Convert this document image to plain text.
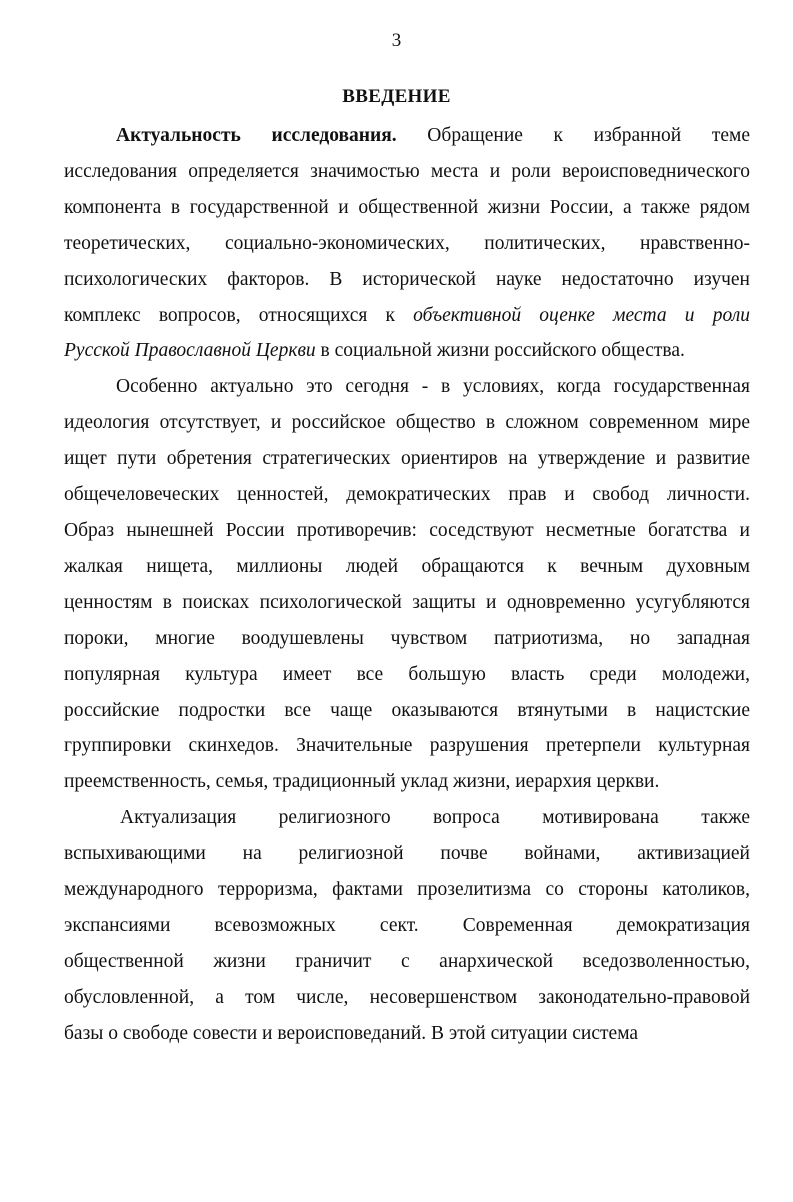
3
ВВЕДЕНИЕ
Актуальность исследования. Обращение к избранной теме
исследования определяется значимостью места и роли вероисповеднического
компонента в государственной и общественной жизни России, а также рядом
теоретических, социально-экономических, политических, нравственно-
психологических факторов. В исторической науке недостаточно изучен
комплекс вопросов, относящихся к объективной оценке места и роли
Русской Православной Церкви в социальной жизни российского общества.
Особенно актуально это сегодня - в условиях, когда государственная
идеология отсутствует, и российское общество в сложном современном мире
ищет пути обретения стратегических ориентиров на утверждение и развитие
общечеловеческих ценностей, демократических прав и свобод личности.
Образ нынешней России противоречив: соседствуют несметные богатства и
жалкая нищета, миллионы людей обращаются к вечным духовным
ценностям в поисках психологической защиты и одновременно усугубляются
пороки, многие воодушевлены чувством патриотизма, но западная
популярная культура имеет все большую власть среди молодежи,
российские подростки все чаще оказываются втянутыми в нацистские
группировки скинхедов. Значительные разрушения претерпели культурная
преемственность, семья, традиционный уклад жизни, иерархия церкви.
Актуализация религиозного вопроса мотивирована также
вспыхивающими на религиозной почве войнами, активизацией
международного терроризма, фактами прозелитизма со стороны католиков,
экспансиями всевозможных сект. Современная демократизация
общественной жизни граничит с анархической вседозволенностью,
обусловленной, а том числе, несовершенством законодательно-правовой
базы о свободе совести и вероисповеданий. В этой ситуации система
